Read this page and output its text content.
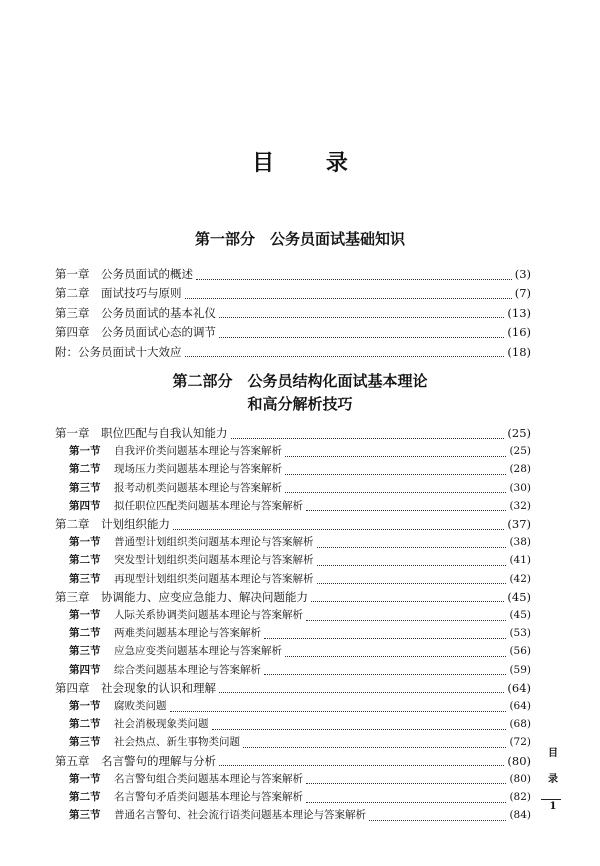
目 录
第一部分　公务员面试基础知识
第一章	公务员面试的概述	(3)
第二章	面试技巧与原则	(7)
第三章	公务员面试的基本礼仪	(13)
第四章	公务员面试心态的调节	(16)
附：公务员面试十大效应	(18)
第二部分　公务员结构化面试基本理论
和高分解析技巧
第一章	职位匹配与自我认知能力	(25)
第一节	自我评价类问题基本理论与答案解析	(25)
第二节	现场压力类问题基本理论与答案解析	(28)
第三节	报考动机类问题基本理论与答案解析	(30)
第四节	拟任职位匹配类问题基本理论与答案解析	(32)
第二章	计划组织能力	(37)
第一节	普通型计划组织类问题基本理论与答案解析	(38)
第二节	突发型计划组织类问题基本理论与答案解析	(41)
第三节	再现型计划组织类问题基本理论与答案解析	(42)
第三章	协调能力、应变应急能力、解决问题能力	(45)
第一节	人际关系协调类问题基本理论与答案解析	(45)
第二节	两难类问题基本理论与答案解析	(53)
第三节	应急应变类问题基本理论与答案解析	(56)
第四节	综合类问题基本理论与答案解析	(59)
第四章	社会现象的认识和理解	(64)
第一节	腐败类问题	(64)
第二节	社会消极现象类问题	(68)
第三节	社会热点、新生事物类问题	(72)
第五章	名言警句的理解与分析	(80)
第一节	名言警句组合类问题基本理论与答案解析	(80)
第二节	名言警句矛盾类问题基本理论与答案解析	(82)
第三节	普通名言警句、社会流行语类问题基本理论与答案解析	(84)
目
录
1
